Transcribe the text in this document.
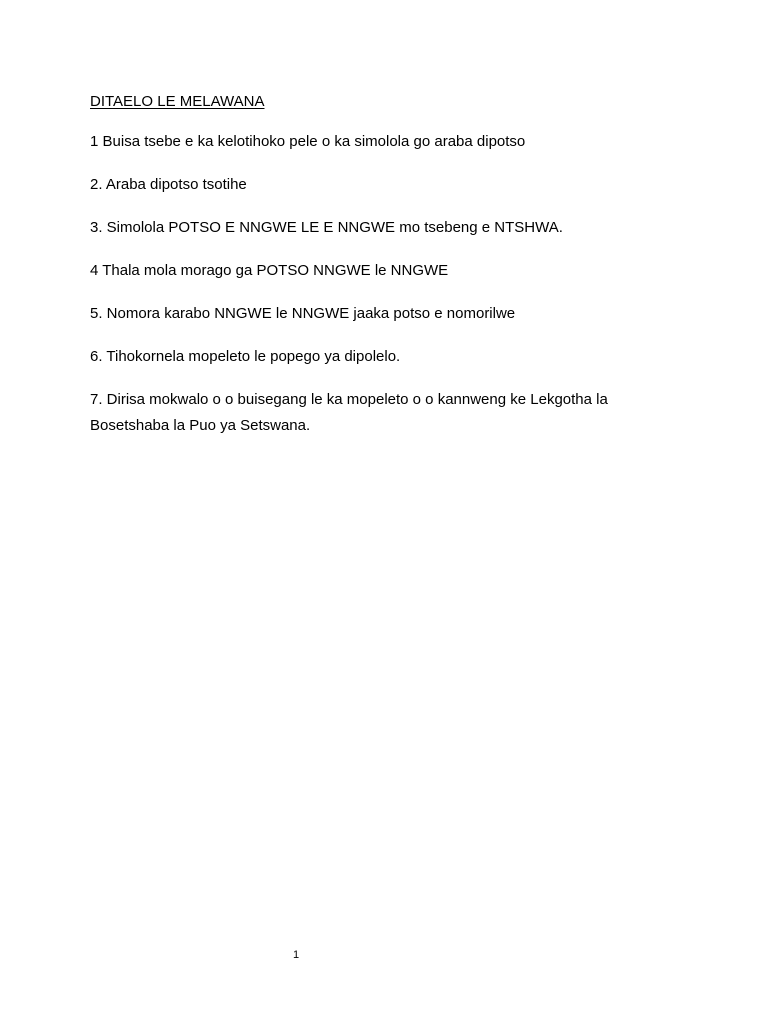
DITAELO LE MELAWANA

1 Buisa tsebe e ka kelotihoko pele o ka simolola go araba dipotso

2. Araba dipotso tsotihe

3. Simolola POTSO E NNGWE LE E NNGWE mo tsebeng e NTSHWA.

4 Thala mola morago ga POTSO NNGWE le NNGWE

5. Nomora karabo NNGWE le NNGWE jaaka potso e nomorilwe

6. Tihokornela mopeleto le popego ya dipolelo.

7. Dirisa mokwalo o o buisegang le ka mopeleto o o kannweng ke Lekgotha la Bosetshaba la Puo ya Setswana.

1
